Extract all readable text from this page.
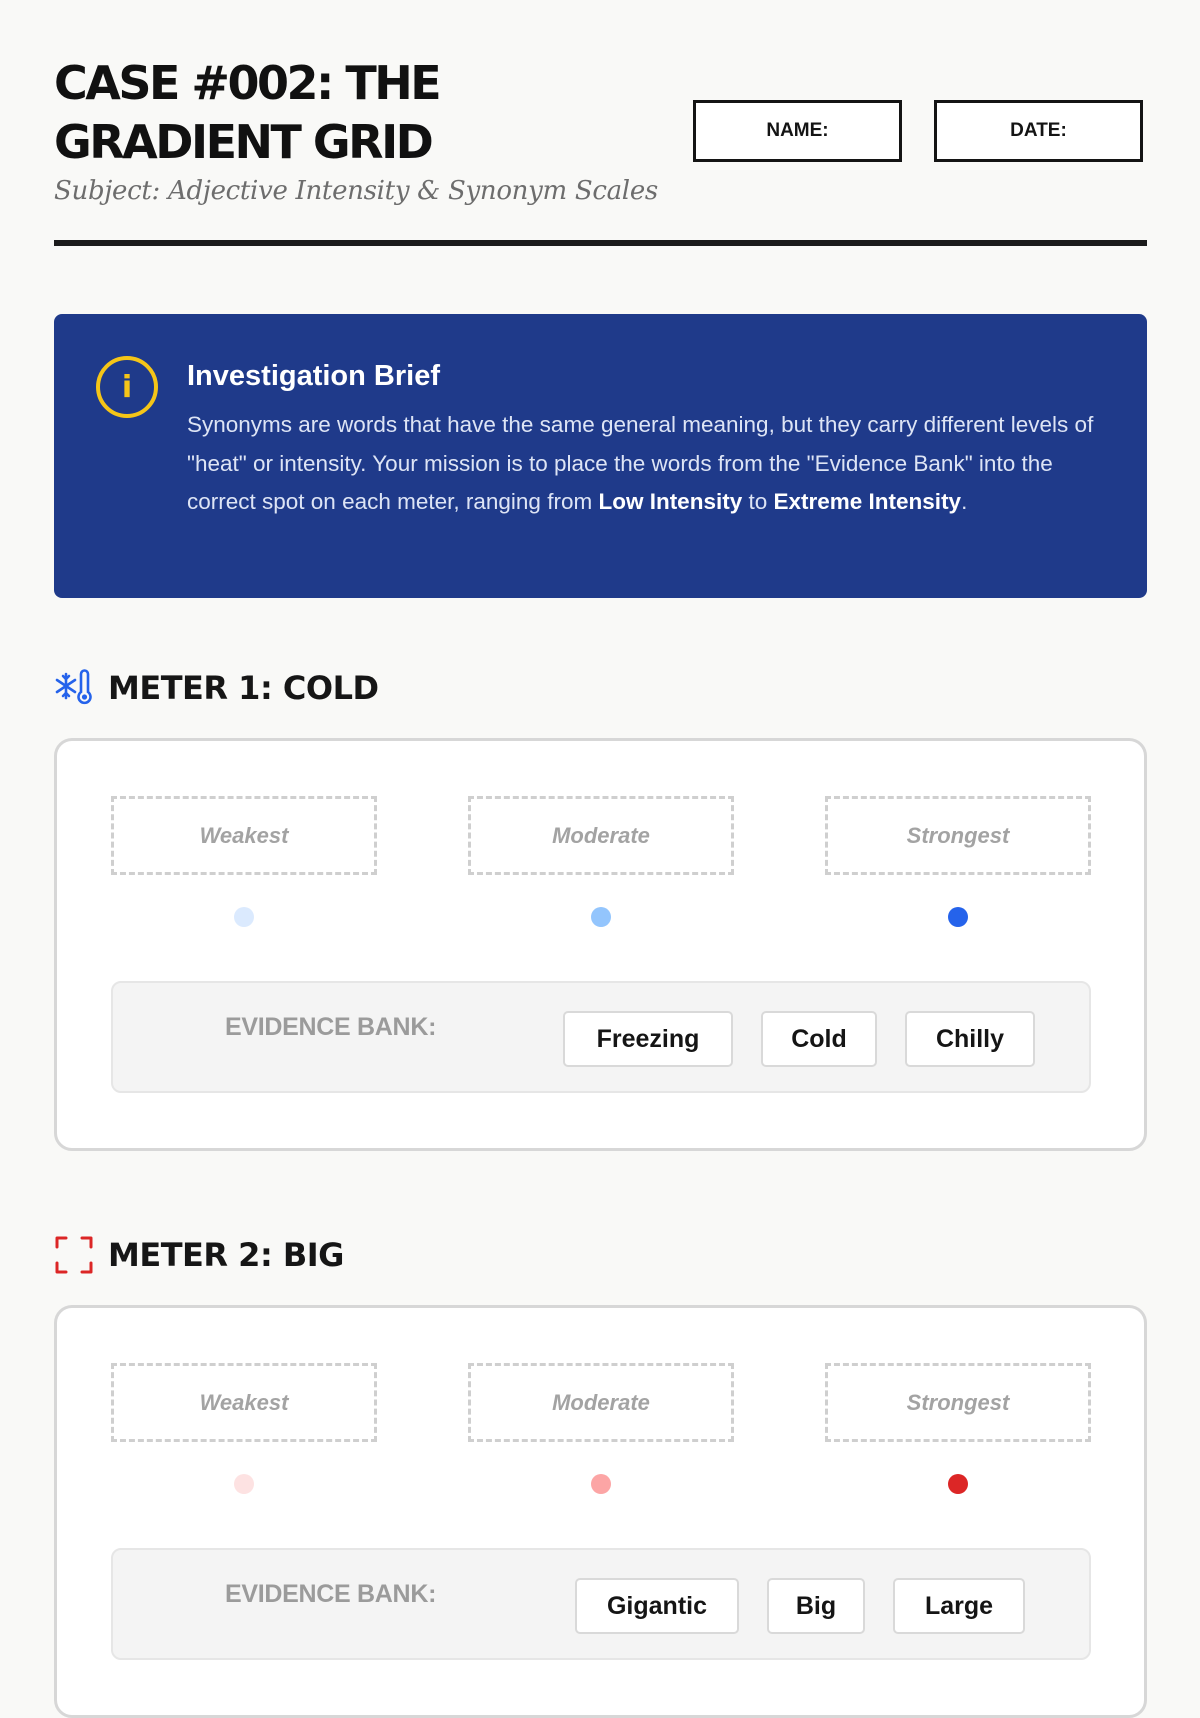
CASE #002: THE
GRADIENT GRID
Subject: Adjective Intensity & Synonym Scales
NAME:	DATE:
i	Investigation Brief
Synonyms are words that have the same general meaning, but they carry different levels of "heat" or intensity. Your mission is to place the words from the "Evidence Bank" into the correct spot on each meter, ranging from Low Intensity to Extreme Intensity.
METER 1: COLD
Weakest	Moderate	Strongest
EVIDENCE BANK:	Freezing	Cold	Chilly
METER 2: BIG
Weakest	Moderate	Strongest
EVIDENCE BANK:	Gigantic	Big	Large
